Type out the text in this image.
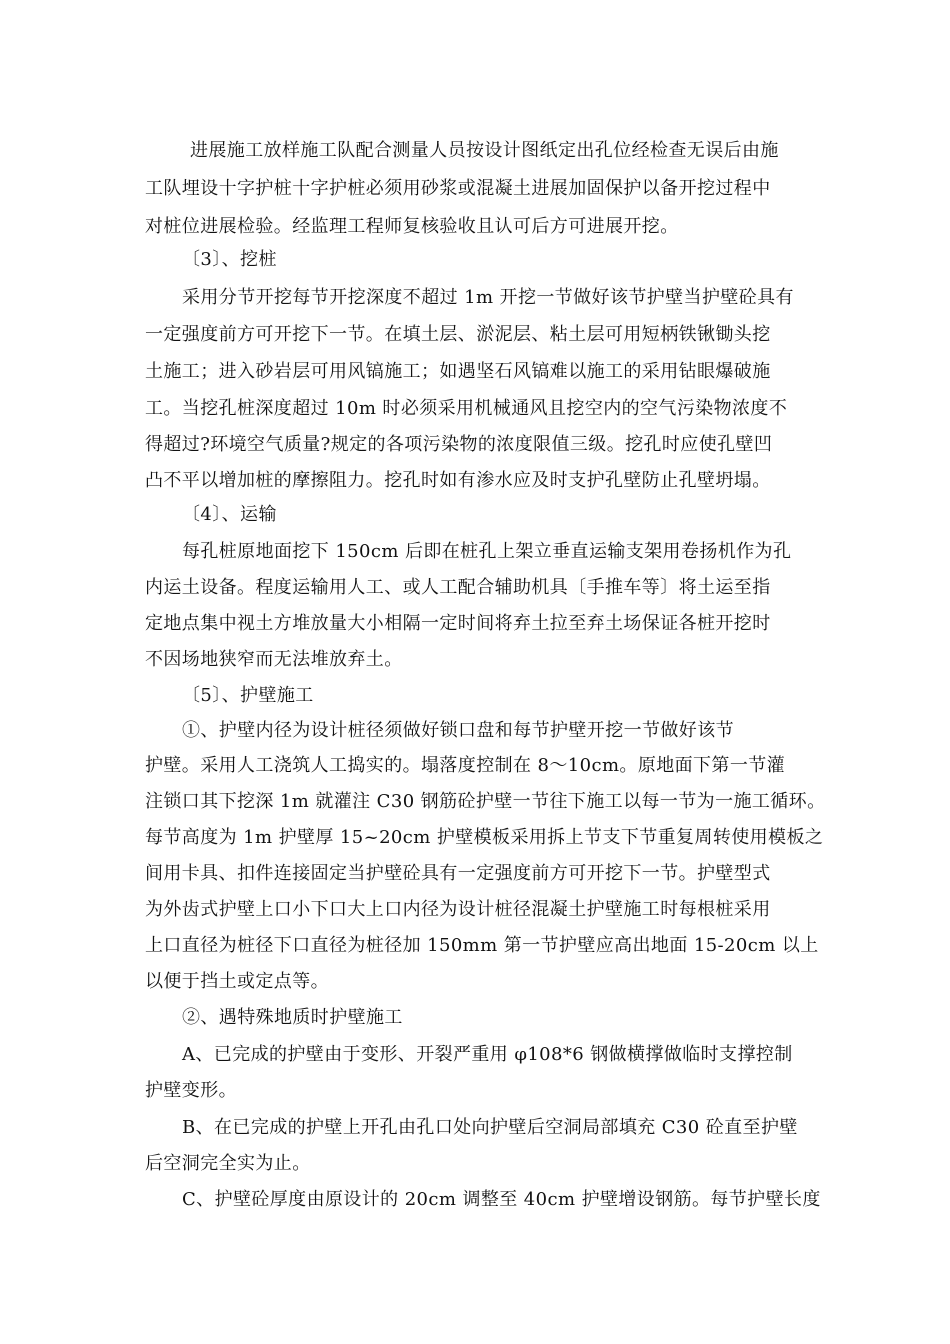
进展施工放样施工队配合测量人员按设计图纸定出孔位经检查无误后由施
工队埋设十字护桩十字护桩必须用砂浆或混凝土进展加固保护以备开挖过程中
对桩位进展检验。经监理工程师复核验收且认可后方可进展开挖。
〔3〕、挖桩
采用分节开挖每节开挖深度不超过 1m 开挖一节做好该节护壁当护壁砼具有
一定强度前方可开挖下一节。在填土层、淤泥层、粘土层可用短柄铁锹锄头挖
土施工；进入砂岩层可用风镐施工；如遇坚石风镐难以施工的采用钻眼爆破施
工。当挖孔桩深度超过 10m 时必须采用机械通风且挖空内的空气污染物浓度不
得超过?环境空气质量?规定的各项污染物的浓度限值三级。挖孔时应使孔壁凹
凸不平以增加桩的摩擦阻力。挖孔时如有渗水应及时支护孔壁防止孔壁坍塌。
〔4〕、运输
每孔桩原地面挖下 150cm 后即在桩孔上架立垂直运输支架用卷扬机作为孔
内运土设备。程度运输用人工、或人工配合辅助机具〔手推车等〕将土运至指
定地点集中视土方堆放量大小相隔一定时间将弃土拉至弃土场保证各桩开挖时
不因场地狭窄而无法堆放弃土。
〔5〕、护壁施工
①、护壁内径为设计桩径须做好锁口盘和每节护壁开挖一节做好该节
护壁。采用人工浇筑人工捣实的。塌落度控制在 8～10cm。原地面下第一节灌
注锁口其下挖深 1m 就灌注 C30 钢筋砼护壁一节往下施工以每一节为一施工循环。
每节高度为 1m 护壁厚 15~20cm 护壁模板采用拆上节支下节重复周转使用模板之
间用卡具、扣件连接固定当护壁砼具有一定强度前方可开挖下一节。护壁型式
为外齿式护壁上口小下口大上口内径为设计桩径混凝土护壁施工时每根桩采用
上口直径为桩径下口直径为桩径加 150mm 第一节护壁应高出地面 15-20cm 以上
以便于挡土或定点等。
②、遇特殊地质时护壁施工
A、已完成的护壁由于变形、开裂严重用 φ108*6 钢做横撑做临时支撑控制
护壁变形。
B、在已完成的护壁上开孔由孔口处向护壁后空洞局部填充 C30 砼直至护壁
后空洞完全实为止。
C、护壁砼厚度由原设计的 20cm 调整至 40cm 护壁增设钢筋。每节护壁长度
